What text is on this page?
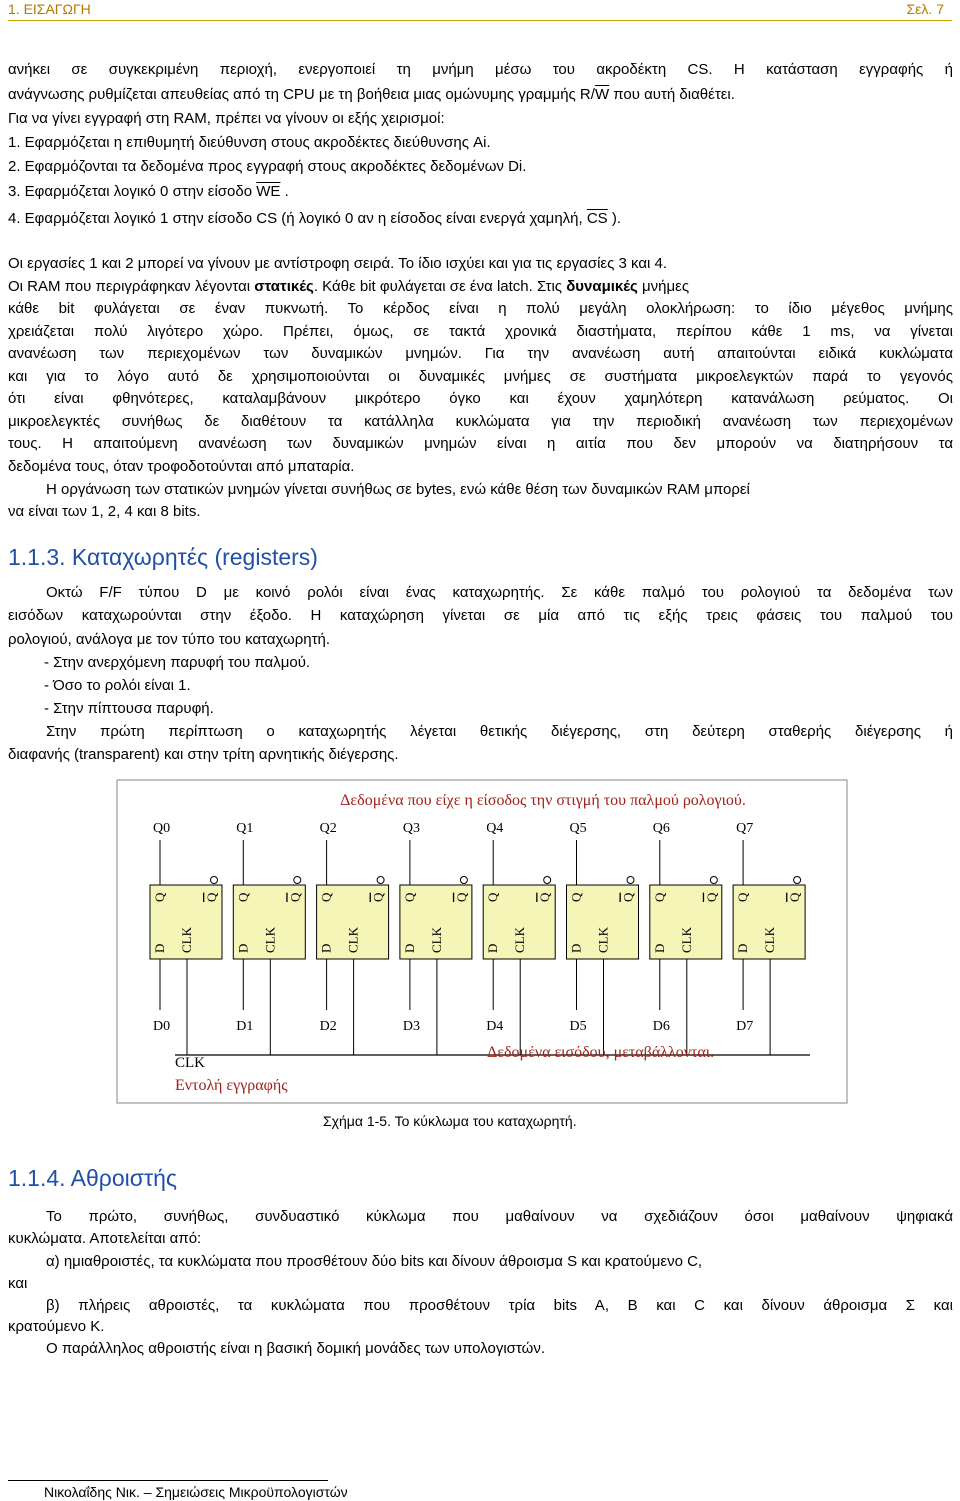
1. ΕΙΣΑΓΩΓΗ	Σελ. 7
ανήκει σε συγκεκριμένη περιοχή, ενεργοποιεί τη μνήμη μέσω του ακροδέκτη CS. Η κατάσταση εγγραφής ή
ανάγνωσης ρυθμίζεται απευθείας από τη CPU με τη βοήθεια μιας ομώνυμης γραμμής $R/\overline{W}$ που αυτή διαθέτει.
Για να γίνει εγγραφή στη RAM, πρέπει να γίνουν οι εξής χειρισμοί:
1. Εφαρμόζεται η επιθυμητή διεύθυνση στους ακροδέκτες διεύθυνσης Ai.
2. Εφαρμόζονται τα δεδομένα προς εγγραφή στους ακροδέκτες δεδομένων Di.
3. Εφαρμόζεται λογικό 0 στην είσοδο $\overline{WE}$ .
4. Εφαρμόζεται λογικό 1 στην είσοδο CS (ή λογικό 0 αν η είσοδος είναι ενεργά χαμηλή, $\overline{CS}$ ).
Οι εργασίες 1 και 2 μπορεί να γίνουν με αντίστροφη σειρά. Το ίδιο ισχύει και για τις εργασίες 3 και 4.
Οι RAM που περιγράφηκαν λέγονται στατικές. Κάθε bit φυλάγεται σε ένα latch. Στις δυναμικές μνήμες
κάθε bit φυλάγεται σε έναν πυκνωτή. Το κέρδος είναι η πολύ μεγάλη ολοκλήρωση: το ίδιο μέγεθος μνήμης
χρειάζεται πολύ λιγότερο χώρο. Πρέπει, όμως, σε τακτά χρονικά διαστήματα, περίπου κάθε 1 ms, να γίνεται
ανανέωση των περιεχομένων των δυναμικών μνημών. Για την ανανέωση αυτή απαιτούνται ειδικά κυκλώματα
και για το λόγο αυτό δε χρησιμοποιούνται οι δυναμικές μνήμες σε συστήματα μικροελεγκτών παρά το γεγονός
ότι είναι φθηνότερες, καταλαμβάνουν μικρότερο όγκο και έχουν χαμηλότερη κατανάλωση ρεύματος. Οι
μικροελεγκτές συνήθως δε διαθέτουν τα κατάλληλα κυκλώματα για την περιοδική ανανέωση των περιεχομένων
τους. Η απαιτούμενη ανανέωση των δυναμικών μνημών είναι η αιτία που δεν μπορούν να διατηρήσουν τα
δεδομένα τους, όταν τροφοδοτούνται από μπαταρία.
Η οργάνωση των στατικών μνημών γίνεται συνήθως σε bytes, ενώ κάθε θέση των δυναμικών RAM μπορεί
να είναι των 1, 2, 4 και 8 bits.
1.1.3. Καταχωρητές (registers)
Οκτώ F/F τύπου D με κοινό ρολόι είναι ένας καταχωρητής. Σε κάθε παλμό του ρολογιού τα δεδομένα των
εισόδων καταχωρούνται στην έξοδο. Η καταχώρηση γίνεται σε μία από τις εξής τρεις φάσεις του παλμού του
ρολογιού, ανάλογα με τον τύπο του καταχωρητή.
- Στην ανερχόμενη παρυφή του παλμού.
- Όσο το ρολόι είναι 1.
- Στην πίπτουσα παρυφή.
Στην πρώτη περίπτωση ο καταχωρητής λέγεται θετικής διέγερσης, στη δεύτερη σταθερής διέγερσης ή
διαφανής (transparent) και στην τρίτη αρνητικής διέγερσης.
Δεδομένα που είχε η είσοδος την στιγμή του παλμού ρολογιού.
Q0
Q	Q
D CLK
D0
Q1
Q	Q
D CLK
D1
Q2
Q	Q
D CLK
D2
Q3
Q	Q
D CLK
D3
Q4
Q	Q
D CLK
D4
Q5
Q	Q
D CLK
D5
Q6
Q	Q
D CLK
D6
Q7
Q	Q
D CLK
D7
CLK
Εντολή εγγραφής
Δεδομένα εισόδου, μεταβάλλονται.
Σχήμα 1-5. Το κύκλωμα του καταχωρητή.
1.1.4. Αθροιστής
Το πρώτο, συνήθως, συνδυαστικό κύκλωμα που μαθαίνουν να σχεδιάζουν όσοι μαθαίνουν ψηφιακά
κυκλώματα. Αποτελείται από:
α) ημιαθροιστές, τα κυκλώματα που προσθέτουν δύο bits και δίνουν άθροισμα S και κρατούμενο C,
και
β) πλήρεις αθροιστές, τα κυκλώματα που προσθέτουν τρία bits A, B και C και δίνουν άθροισμα Σ και
κρατούμενο Κ.
Ο παράλληλος αθροιστής είναι η βασική δομική μονάδες των υπολογιστών.
Νικολαΐδης Νικ. – Σημειώσεις Μικροϋπολογιστών
